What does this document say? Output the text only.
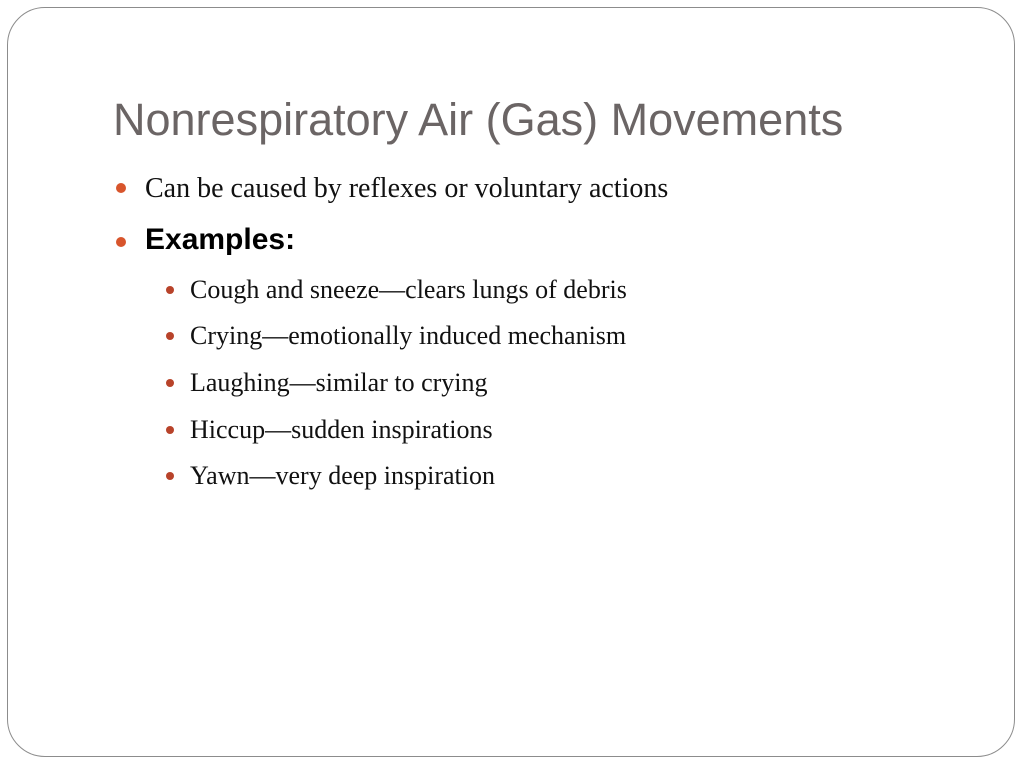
Nonrespiratory Air (Gas) Movements
Can be caused by reflexes or voluntary actions
Examples:
Cough and sneeze—clears lungs of debris
Crying—emotionally induced mechanism
Laughing—similar to crying
Hiccup—sudden inspirations
Yawn—very deep inspiration
